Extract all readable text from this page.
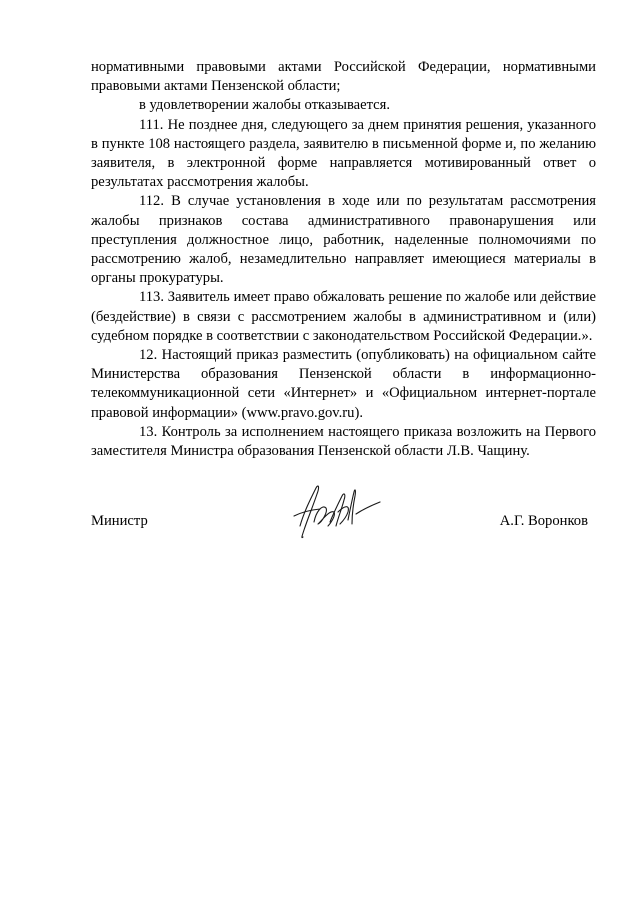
нормативными правовыми актами Российской Федерации, нормативными правовыми актами Пензенской области;

в удовлетворении жалобы отказывается.

111. Не позднее дня, следующего за днем принятия решения, указанного в пункте 108 настоящего раздела, заявителю в письменной форме и, по желанию заявителя, в электронной форме направляется мотивированный ответ о результатах рассмотрения жалобы.

112. В случае установления в ходе или по результатам рассмотрения жалобы признаков состава административного правонарушения или преступления должностное лицо, работник, наделенные полномочиями по рассмотрению жалоб, незамедлительно направляет имеющиеся материалы в органы прокуратуры.

113. Заявитель имеет право обжаловать решение по жалобе или действие (бездействие) в связи с рассмотрением жалобы в административном и (или) судебном порядке в соответствии с законодательством Российской Федерации.».

12. Настоящий приказ разместить (опубликовать) на официальном сайте Министерства образования Пензенской области в информационно-телекоммуникационной сети «Интернет» и «Официальном интернет-портале правовой информации» (www.pravo.gov.ru).

13. Контроль за исполнением настоящего приказа возложить на Первого заместителя Министра образования Пензенской области Л.В. Чащину.

Министр	А.Г. Воронков
